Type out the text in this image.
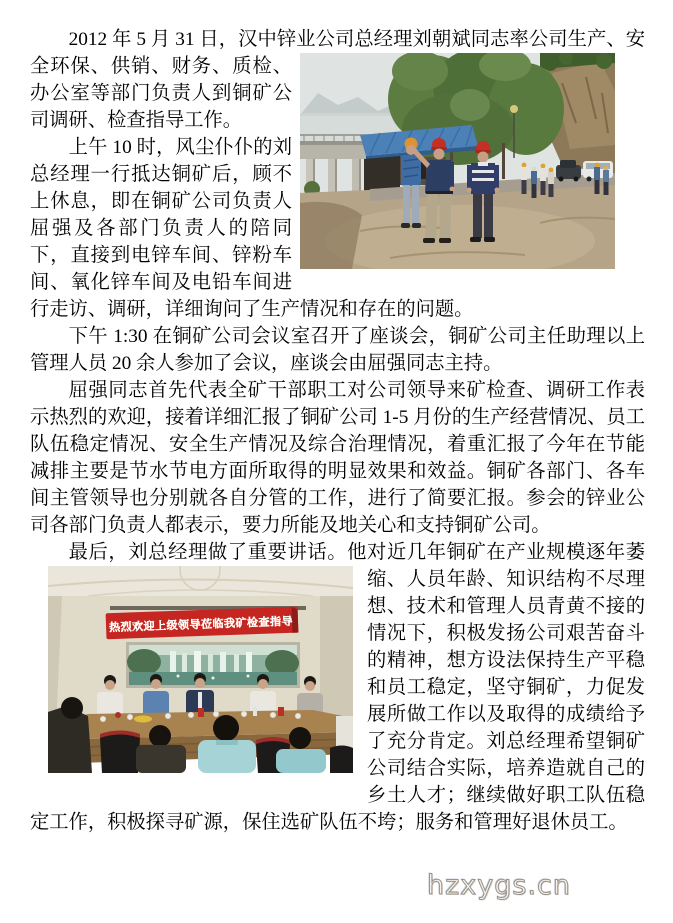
2012 年 5 月 31 日，汉中锌业公司总经理刘朝斌同志率公司生产、安全环保、供销、财务、质检、办公室等部门负责人到铜矿公司调研、检查指导工作。
上午 10 时，风尘仆仆的刘总经理一行抵达铜矿后，顾不上休息，即在铜矿公司负责人屈强及各部门负责人的陪同下，直接到电锌车间、锌粉车间、氧化锌车间及电铅车间进行走访、调研，详细询问了生产情况和存在的问题。
下午 1:30 在铜矿公司会议室召开了座谈会，铜矿公司主任助理以上管理人员 20 余人参加了会议，座谈会由屈强同志主持。
屈强同志首先代表全矿干部职工对公司领导来矿检查、调研工作表示热烈的欢迎，接着详细汇报了铜矿公司 1-5 月份的生产经营情况、员工队伍稳定情况、安全生产情况及综合治理情况，着重汇报了今年在节能减排主要是节水节电方面所取得的明显效果和效益。铜矿各部门、各车间主管领导也分别就各自分管的工作，进行了简要汇报。参会的锌业公司各部门负责人都表示，要力所能及地关心和支持铜矿公司。
热烈欢迎上级领导莅临我矿检查指导
最后，刘总经理做了重要讲话。他对近几年铜矿在产业规模逐年萎缩、人员年龄、知识结构不尽理想、技术和管理人员青黄不接的情况下，积极发扬公司艰苦奋斗的精神，想方设法保持生产平稳和员工稳定，坚守铜矿，力促发展所做工作以及取得的成绩给予了充分肯定。刘总经理希望铜矿公司结合实际，培养造就自己的乡土人才；继续做好职工队伍稳定工作，积极探寻矿源，保住选矿队伍不垮；服务和管理好退休员工。
hzxygs.cn
